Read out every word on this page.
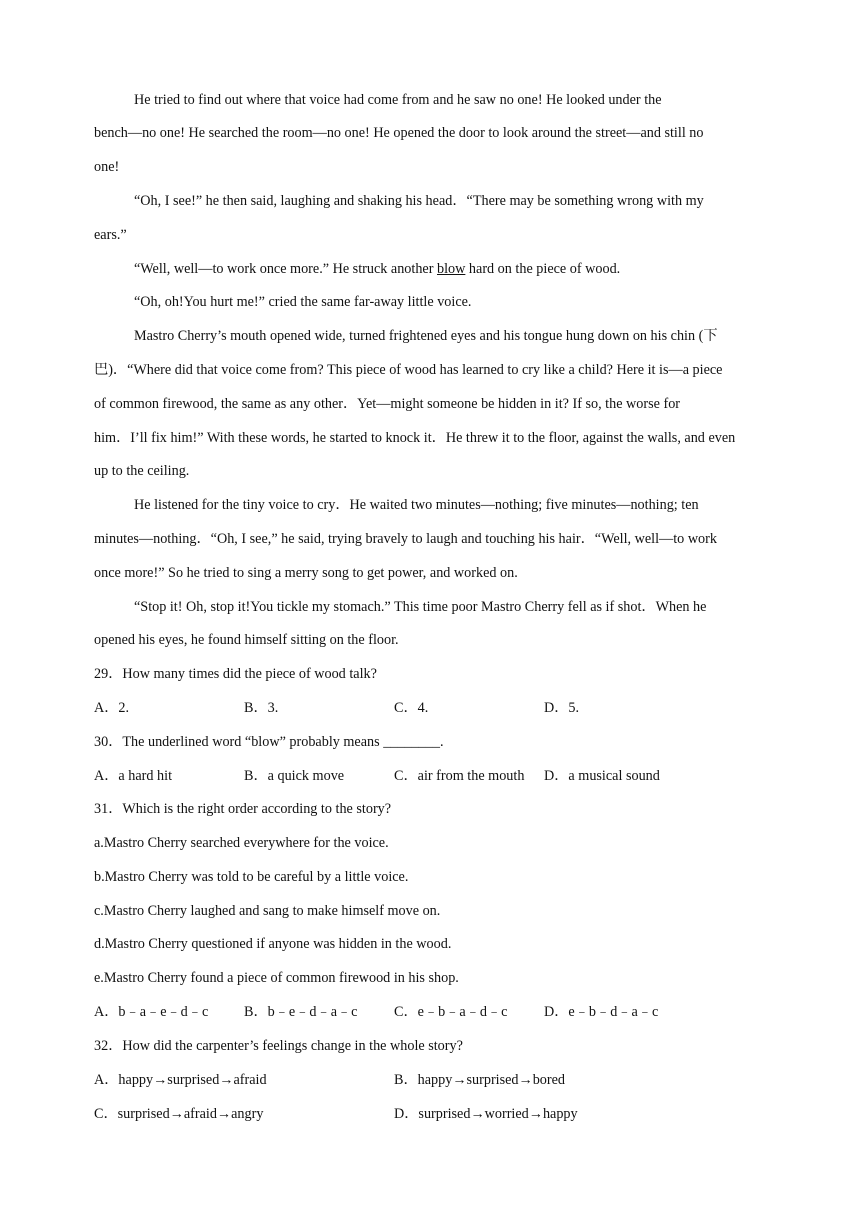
He tried to find out where that voice had come from and he saw no one! He looked under the
bench—no one! He searched the room—no one! He opened the door to look around the street—and still no
one!
“Oh, I see!” he then said, laughing and shaking his head．“There may be something wrong with my
ears.”
“Well, well—to work once more.” He struck another blow hard on the piece of wood.
“Oh, oh!You hurt me!” cried the same far-away little voice.
Mastro Cherry’s mouth opened wide, turned frightened eyes and his tongue hung down on his chin (下
巴)．“Where did that voice come from? This piece of wood has learned to cry like a child? Here it is—a piece
of common firewood, the same as any other．Yet—might someone be hidden in it? If so, the worse for
him．I’ll fix him!” With these words, he started to knock it．He threw it to the floor, against the walls, and even
up to the ceiling.
He listened for the tiny voice to cry．He waited two minutes—nothing; five minutes—nothing; ten
minutes—nothing．“Oh, I see,” he said, trying bravely to laugh and touching his hair．“Well, well—to work
once more!” So he tried to sing a merry song to get power, and worked on.
“Stop it! Oh, stop it!You tickle my stomach.” This time poor Mastro Cherry fell as if shot．When he
opened his eyes, he found himself sitting on the floor.
29．How many times did the piece of wood talk?
A．2.	B．3.	C．4.	D．5.
30．The underlined word “blow” probably means ________.
A．a hard hit	B．a quick move	C．air from the mouth D．a musical sound
31．Which is the right order according to the story?
a.Mastro Cherry searched everywhere for the voice.
b.Mastro Cherry was told to be careful by a little voice.
c.Mastro Cherry laughed and sang to make himself move on.
d.Mastro Cherry questioned if anyone was hidden in the wood.
e.Mastro Cherry found a piece of common firewood in his shop.
A．b﹣a﹣e﹣d﹣c	B．b﹣e﹣d﹣a﹣c	C．e﹣b﹣a﹣d﹣c	D．e﹣b﹣d﹣a﹣c
32．How did the carpenter’s feelings change in the whole story?
A．happy→surprised→afraid	B．happy→surprised→bored
C．surprised→afraid→angry	D．surprised→worried→happy
